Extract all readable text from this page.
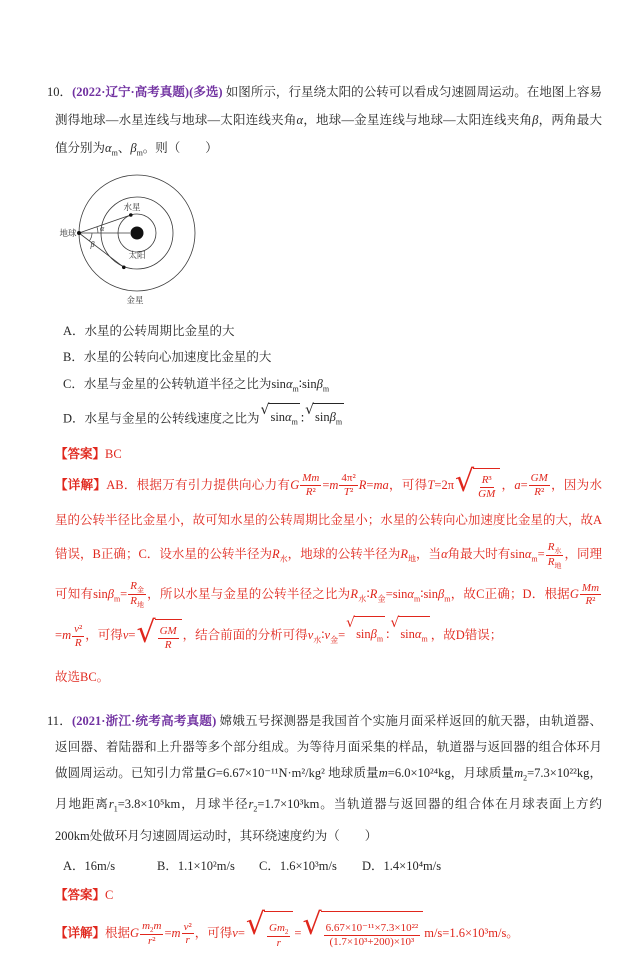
10．(2022·辽宁·高考真题)(多选) 如图所示，行星绕太阳的公转可以看成匀速圆周运动。在地图上容易测得地球—水星连线与地球—太阳连线夹角α，地球—金星连线与地球—太阳连线夹角β，两角最大值分别为$\alpha_m$、$\beta_m$。则（　　）

太阳
水星
金星
地球	α
β

A．水星的公转周期比金星的大

B．水星的公转向心加速度比金星的大

C．水星与金星的公转轨道半径之比为sinα$_m$∶sinβ$_m$

D．水星与金星的公转线速度之比为
√ sinα$_m$ ∶
√ sinβ$_m$

【答案】BC

【详解】AB．根据万有引力提供向心力有G $\frac{Mm}{\text{R²}} =m \frac{\text{4π²}}{\text{T²}} R=ma$，可得T=2π √ $\frac{\text{R³}}{GM}$ ，$a= \frac{GM}{\text{R²}}$ ，因为水星的公转半径比金星小，故可知水星的公转周期比金星小；水星的公转向心加速度比金星的大，故A错误，B正确；C．设水星的公转半径为$R_水$，地球的公转半径为$R_地$，当α角最大时有$\sin\alpha_m= \frac{R_水}{R_地}$ ，同理可知有$\sin\beta_m= \frac{R_金}{R_地}$ ，所以水星与金星的公转半径之比为$R_水∶R_金=\sin\alpha_m∶\sin\beta_m$，故C正确；D．根据G $\frac{Mm}{\text{R²}}$
$=m \frac{\text{v²}}{R}$ ，可得v= √ $\frac{GM}{R}$ ，结合前面的分析可得$v_水∶v_金=$
√
sinβ$_m$ ∶
√
sinα$_m$ ，故D错误；

故选BC。

11．(2021·浙江·统考高考真题) 嫦娥五号探测器是我国首个实施月面采样返回的航天器，由轨道器、返回器、着陆器和上升器等多个部分组成。为等待月面采集的样品，轨道器与返回器的组合体环月做圆周运动。已知引力常量G=6.67×10⁻¹¹N·m²/kg² 地球质量m=6.0×10²⁴kg，月球质量$m_2=7.3\times 10^{22}kg$，月地距离$r_1=3.8\times 10^5km$，月球半径$r_2=1.7\times 10^3km$。当轨道器与返回器的组合体在月球表面上方约200km处做环月匀速圆周运动时，其环绕速度约为（　　）

A．16m/s	B．1.1×10²m/s	C．1.6×10³m/s	D．1.4×10⁴m/s

【答案】C

【详解】根据G $\frac{m_2m}{\text{r²}} =m \frac{\text{v²}}{r}$ ，可得v= √ $\frac{Gm_2}{r}$ = √ $\frac{\text{6.67×10⁻¹¹×7.3×10²²}}{\text{(1.7×10³+200)×10³}} m/s=1.6\times 10^3m/s$。
